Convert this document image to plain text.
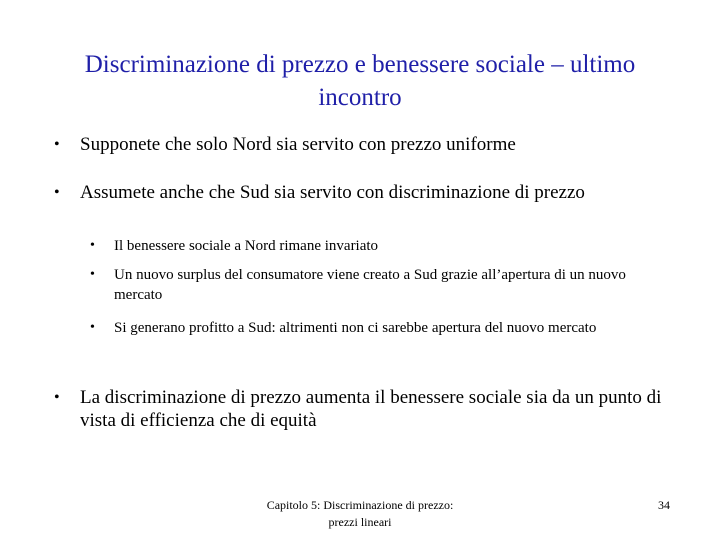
Discriminazione di prezzo e benessere sociale – ultimo incontro
•	Supponete che solo Nord sia servito con prezzo uniforme
•	Assumete anche che Sud sia servito con discriminazione di prezzo
•	Il benessere sociale a Nord rimane invariato
•	Un nuovo surplus del consumatore viene creato a Sud grazie all’apertura di un nuovo mercato
•	Si generano profitto a Sud: altrimenti non ci sarebbe apertura del nuovo mercato
•	La discriminazione di prezzo aumenta il benessere sociale sia da un punto di vista di efficienza che di equità
Capitolo 5: Discriminazione di prezzo: prezzi lineari
34
